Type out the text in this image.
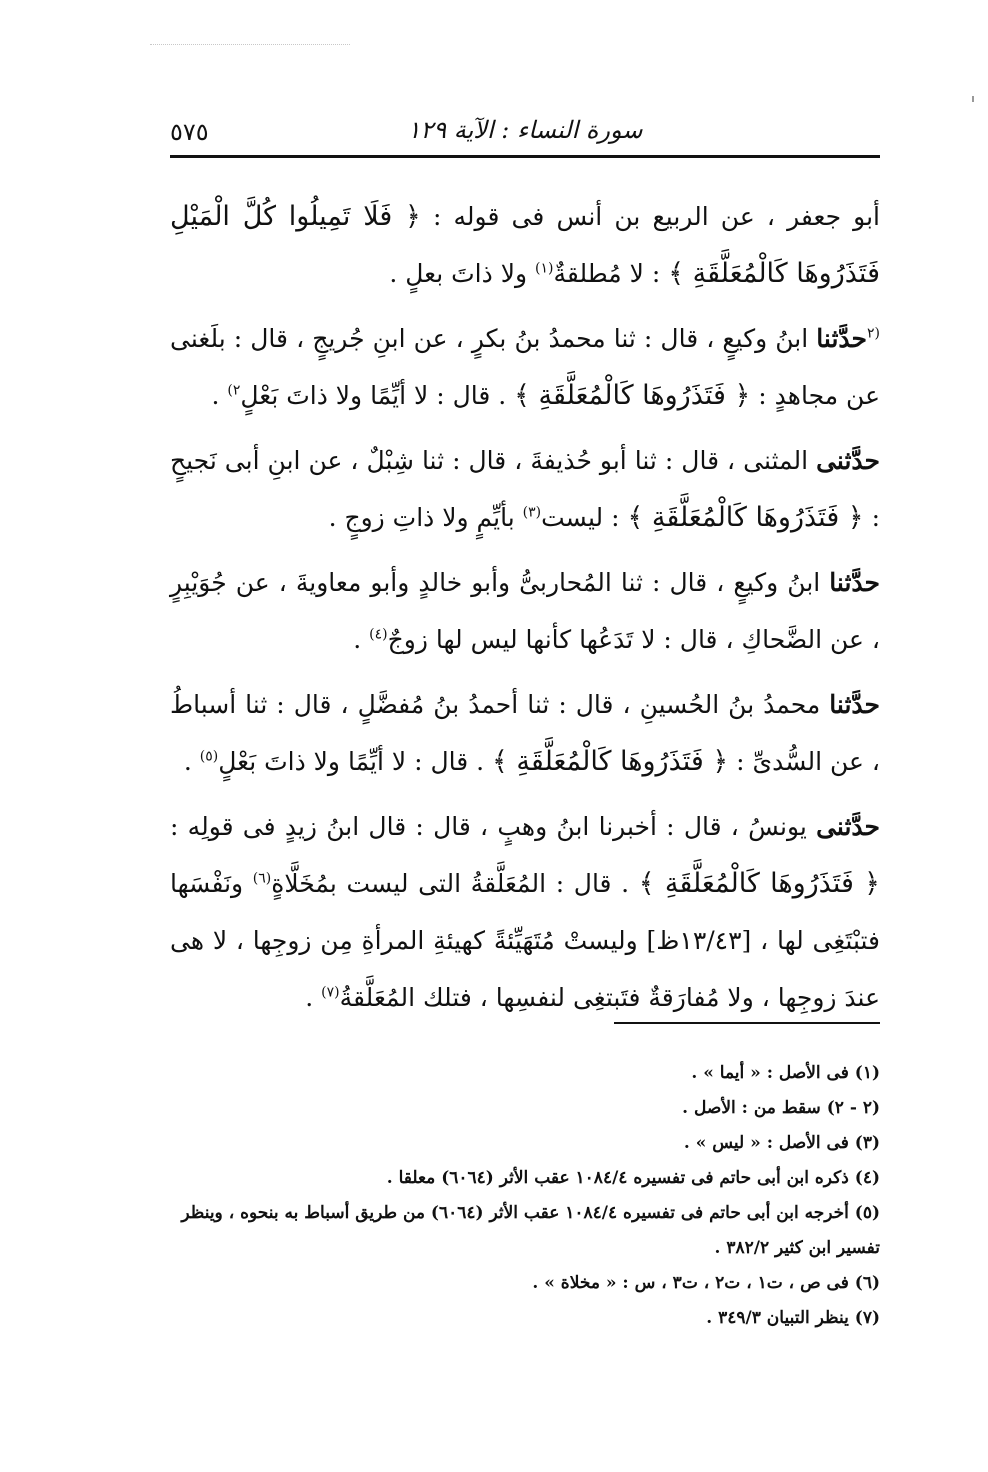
سورة النساء : الآية ١٢٩
٥٧٥

أبو جعفر ، عن الربيع بن أنس فى قوله : ﴿ فَلَا تَمِيلُوا كُلَّ الْمَيْلِ فَتَذَرُوهَا كَالْمُعَلَّقَةِ ﴾ : لا مُطلقةٌ$^{(١)}$ ولا ذاتَ بعلٍ .

$^{(٢}$حدَّثنا ابنُ وكيعٍ ، قال : ثنا محمدُ بنُ بكرٍ ، عن ابنِ جُريجٍ ، قال : بلَغنى عن مجاهدٍ : ﴿ فَتَذَرُوهَا كَالْمُعَلَّقَةِ ﴾ . قال : لا أيِّمًا ولا ذاتَ بَعْلٍ$^{٢)}$ .

حدَّثنى المثنى ، قال : ثنا أبو حُذيفةَ ، قال : ثنا شِبْلٌ ، عن ابنِ أبى نَجيحٍ : ﴿ فَتَذَرُوهَا كَالْمُعَلَّقَةِ ﴾ : ليست$^{(٣)}$ بأيِّمٍ ولا ذاتِ زوجٍ .

حدَّثنا ابنُ وكيعٍ ، قال : ثنا المُحاربىُّ وأبو خالدٍ وأبو معاويةَ ، عن جُوَيْبِرٍ ، عن الضَّحاكِ ، قال : لا تَدَعُها كأنها ليس لها زوجٌ$^{(٤)}$ .

حدَّثنا محمدُ بنُ الحُسينِ ، قال : ثنا أحمدُ بنُ مُفضَّلٍ ، قال : ثنا أسباطُ ، عن السُّدىِّ : ﴿ فَتَذَرُوهَا كَالْمُعَلَّقَةِ ﴾ . قال : لا أيِّمًا ولا ذاتَ بَعْلٍ$^{(٥)}$ .

حدَّثنى يونسُ ، قال : أخبرنا ابنُ وهبٍ ، قال : قال ابنُ زيدٍ فى قولِه : ﴿ فَتَذَرُوهَا كَالْمُعَلَّقَةِ ﴾ . قال : المُعَلَّقةُ التى ليست بمُخَلَّاةٍ$^{(٦)}$ ونَفْسَها فتبْتَغِى لها ، [١٣/٤٣ظ] وليستْ مُتَهَيِّئةً كهيئةِ المرأةِ مِن زوجِها ، لا هى عندَ زوجِها ، ولا مُفارَقةٌ فتَبتغِى لنفسِها ، فتلك المُعَلَّقةُ$^{(٧)}$ .

(١) فى الأصل : « أيما » .
(٢ - ٢) سقط من : الأصل .
(٣) فى الأصل : « ليس » .
(٤) ذكره ابن أبى حاتم فى تفسيره ١٠٨٤/٤ عقب الأثر (٦٠٦٤) معلقا .
(٥) أخرجه ابن أبى حاتم فى تفسيره ١٠٨٤/٤ عقب الأثر (٦٠٦٤) من طريق أسباط به بنحوه ، وينظر تفسير ابن كثير ٣٨٢/٢ .
(٦) فى ص ، ت١ ، ت٢ ، ت٣ ، س : « مخلاة » .
(٧) ينظر التبيان ٣٤٩/٣ .
